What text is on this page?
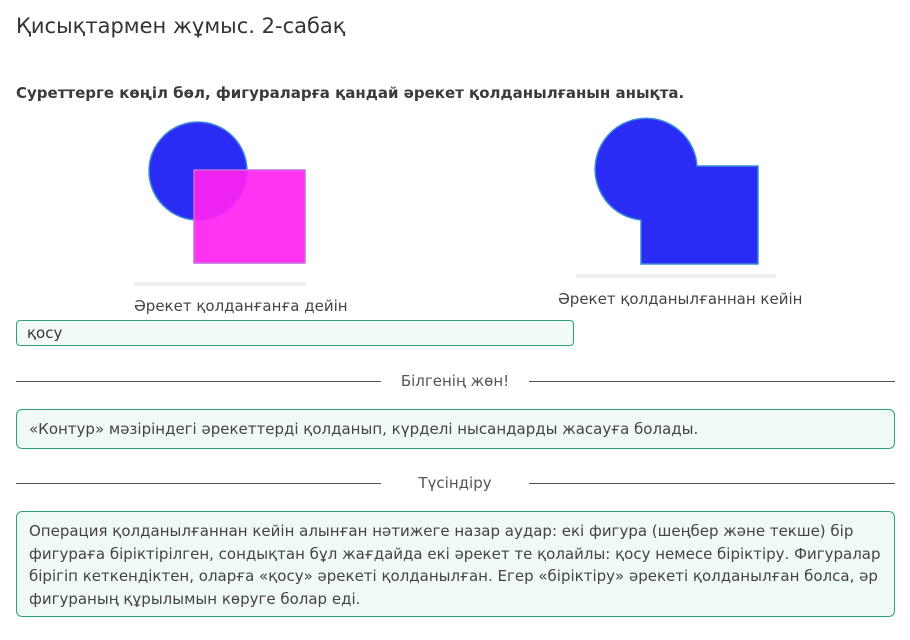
Қисықтармен жұмыс. 2-сабақ
Суреттерге көңіл бөл, фигураларға қандай әрекет қолданылғанын анықта.
Әрекет қолданғанға дейін	Әрекет қолданылғаннан кейін
қосу
Білгенің жөн!
«Контур» мәзіріндегі әрекеттерді қолданып, күрделі нысандарды жасауға болады.
Түсіндіру
Операция қолданылғаннан кейін алынған нәтижеге назар аудар: екі фигура (шеңбер және текше) бір фигураға біріктірілген, сондықтан бұл жағдайда екі әрекет те қолайлы: қосу немесе біріктіру. Фигуралар бірігіп кеткендіктен, оларға «қосу» әрекеті қолданылған. Егер «біріктіру» әрекеті қолданылған болса, әр фигураның құрылымын көруге болар еді.
